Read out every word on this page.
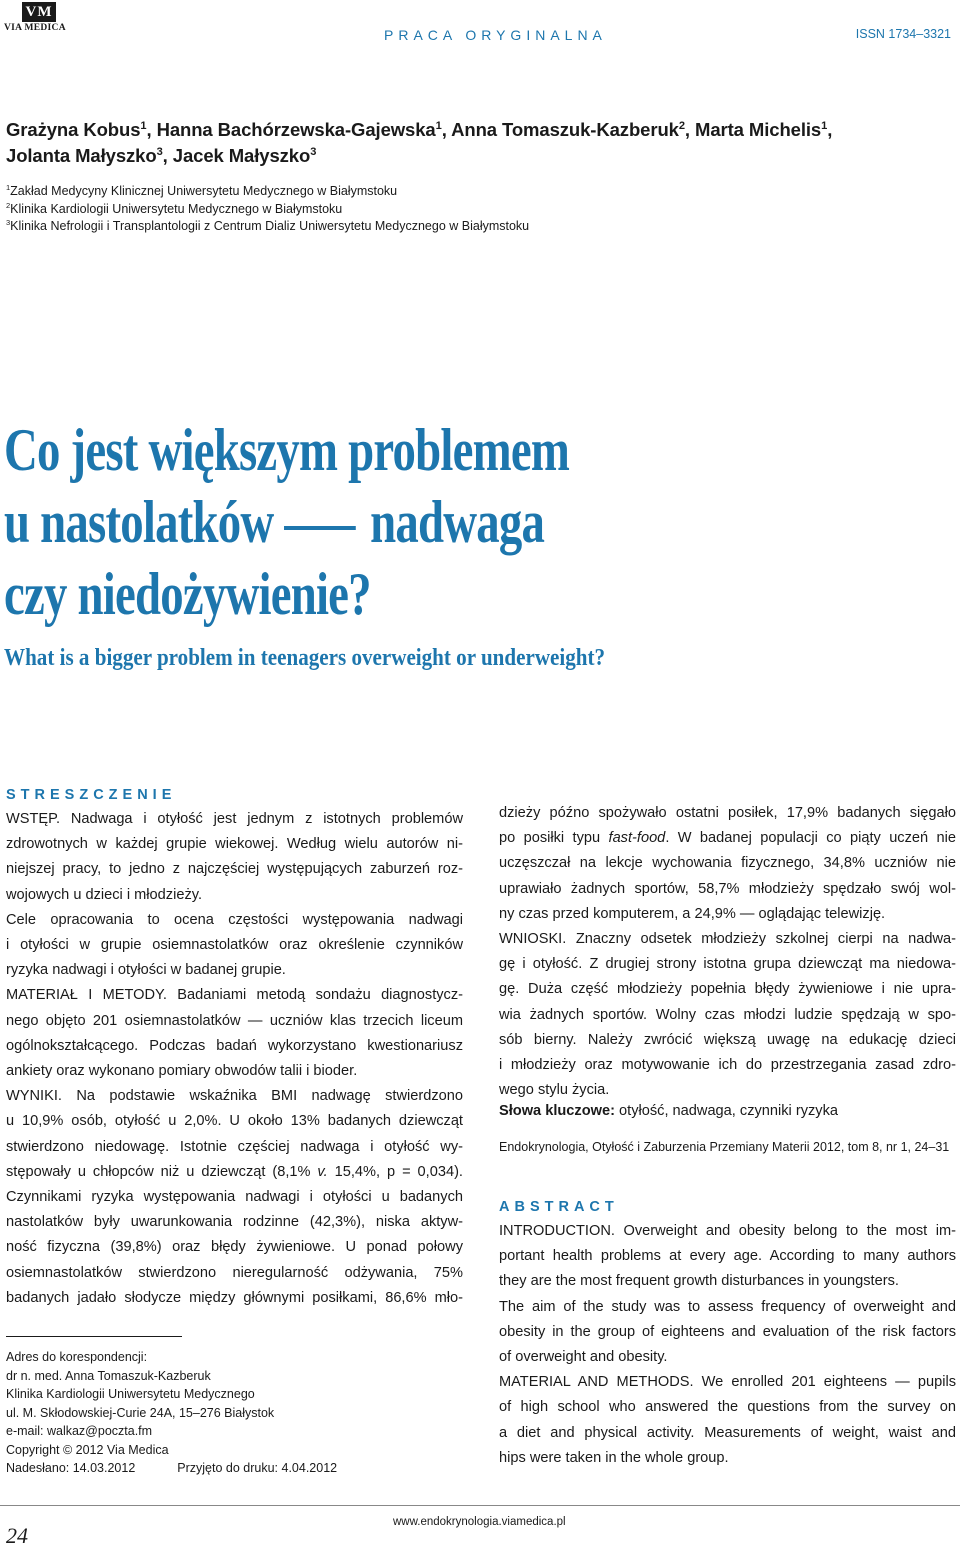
VM
VIA MEDICA	PRACA ORYGINALNA	ISSN 1734–3321
Grażyna Kobus$^1$, Hanna Bachórzewska-Gajewska$^1$, Anna Tomaszuk-Kazberuk$^2$, Marta Michelis$^1$,
Jolanta Małyszko$^3$, Jacek Małyszko$^3$
$^1$Zakład Medycyny Klinicznej Uniwersytetu Medycznego w Białymstoku
$^2$Klinika Kardiologii Uniwersytetu Medycznego w Białymstoku
$^3$Klinika Nefrologii i Transplantologii z Centrum Dializ Uniwersytetu Medycznego w Białymstoku
Co jest większym problemem
u nastolatków nadwaga
czy niedożywienie?
What is a bigger problem in teenagers overweight or underweight?
STRESZCZENIE
WSTĘP. Nadwaga i otyłość jest jednym z istotnych problemów
zdrowotnych w każdej grupie wiekowej. Według wielu autorów ni-
niejszej pracy, to jedno z najczęściej występujących zaburzeń roz-
wojowych u dzieci i młodzieży.
Cele opracowania to ocena częstości występowania nadwagi
i otyłości w grupie osiemnastolatków oraz określenie czynników
ryzyka nadwagi i otyłości w badanej grupie.
MATERIAŁ I METODY. Badaniami metodą sondażu diagnostycz-
nego objęto 201 osiemnastolatków — uczniów klas trzecich liceum
ogólnokształcącego. Podczas badań wykorzystano kwestionariusz
ankiety oraz wykonano pomiary obwodów talii i bioder.
WYNIKI. Na podstawie wskaźnika BMI nadwagę stwierdzono
u 10,9% osób, otyłość u 2,0%. U około 13% badanych dziewcząt
stwierdzono niedowagę. Istotnie częściej nadwaga i otyłość wy-
stępowały u chłopców niż u dziewcząt (8,1% v. 15,4%, p = 0,034).
Czynnikami ryzyka występowania nadwagi i otyłości u badanych
nastolatków były uwarunkowania rodzinne (42,3%), niska aktyw-
ność fizyczna (39,8%) oraz błędy żywieniowe. U ponad połowy
osiemnastolatków stwierdzono nieregularność odżywania, 75%
badanych jadało słodycze między głównymi posiłkami, 86,6% mło-
dzieży późno spożywało ostatni posiłek, 17,9% badanych sięgało
po posiłki typu fast-food. W badanej populacji co piąty uczeń nie
uczęszczał na lekcje wychowania fizycznego, 34,8% uczniów nie
uprawiało żadnych sportów, 58,7% młodzieży spędzało swój wol-
ny czas przed komputerem, a 24,9% — oglądając telewizję.
WNIOSKI. Znaczny odsetek młodzieży szkolnej cierpi na nadwa-
gę i otyłość. Z drugiej strony istotna grupa dziewcząt ma niedowa-
gę. Duża część młodzieży popełnia błędy żywieniowe i nie upra-
wia żadnych sportów. Wolny czas młodzi ludzie spędzają w spo-
sób bierny. Należy zwrócić większą uwagę na edukację dzieci
i młodzieży oraz motywowanie ich do przestrzegania zasad zdro-
wego stylu życia.
Słowa kluczowe: otyłość, nadwaga, czynniki ryzyka
Endokrynologia, Otyłość i Zaburzenia Przemiany Materii 2012, tom 8, nr 1, 24–31
ABSTRACT
INTRODUCTION. Overweight and obesity belong to the most im-
portant health problems at every age. According to many authors
they are the most frequent growth disturbances in youngsters.
The aim of the study was to assess frequency of overweight and
obesity in the group of eighteens and evaluation of the risk factors
of overweight and obesity.
MATERIAL AND METHODS. We enrolled 201 eighteens — pupils
of high school who answered the questions from the survey on
a diet and physical activity. Measurements of weight, waist and
hips were taken in the whole group.
Adres do korespondencji:
dr n. med. Anna Tomaszuk-Kazberuk
Klinika Kardiologii Uniwersytetu Medycznego
ul. M. Skłodowskiej-Curie 24A, 15–276 Białystok
e-mail: walkaz@poczta.fm
Copyright © 2012 Via Medica
Nadesłano: 14.03.2012	Przyjęto do druku: 4.04.2012
24
www.endokrynologia.viamedica.pl
